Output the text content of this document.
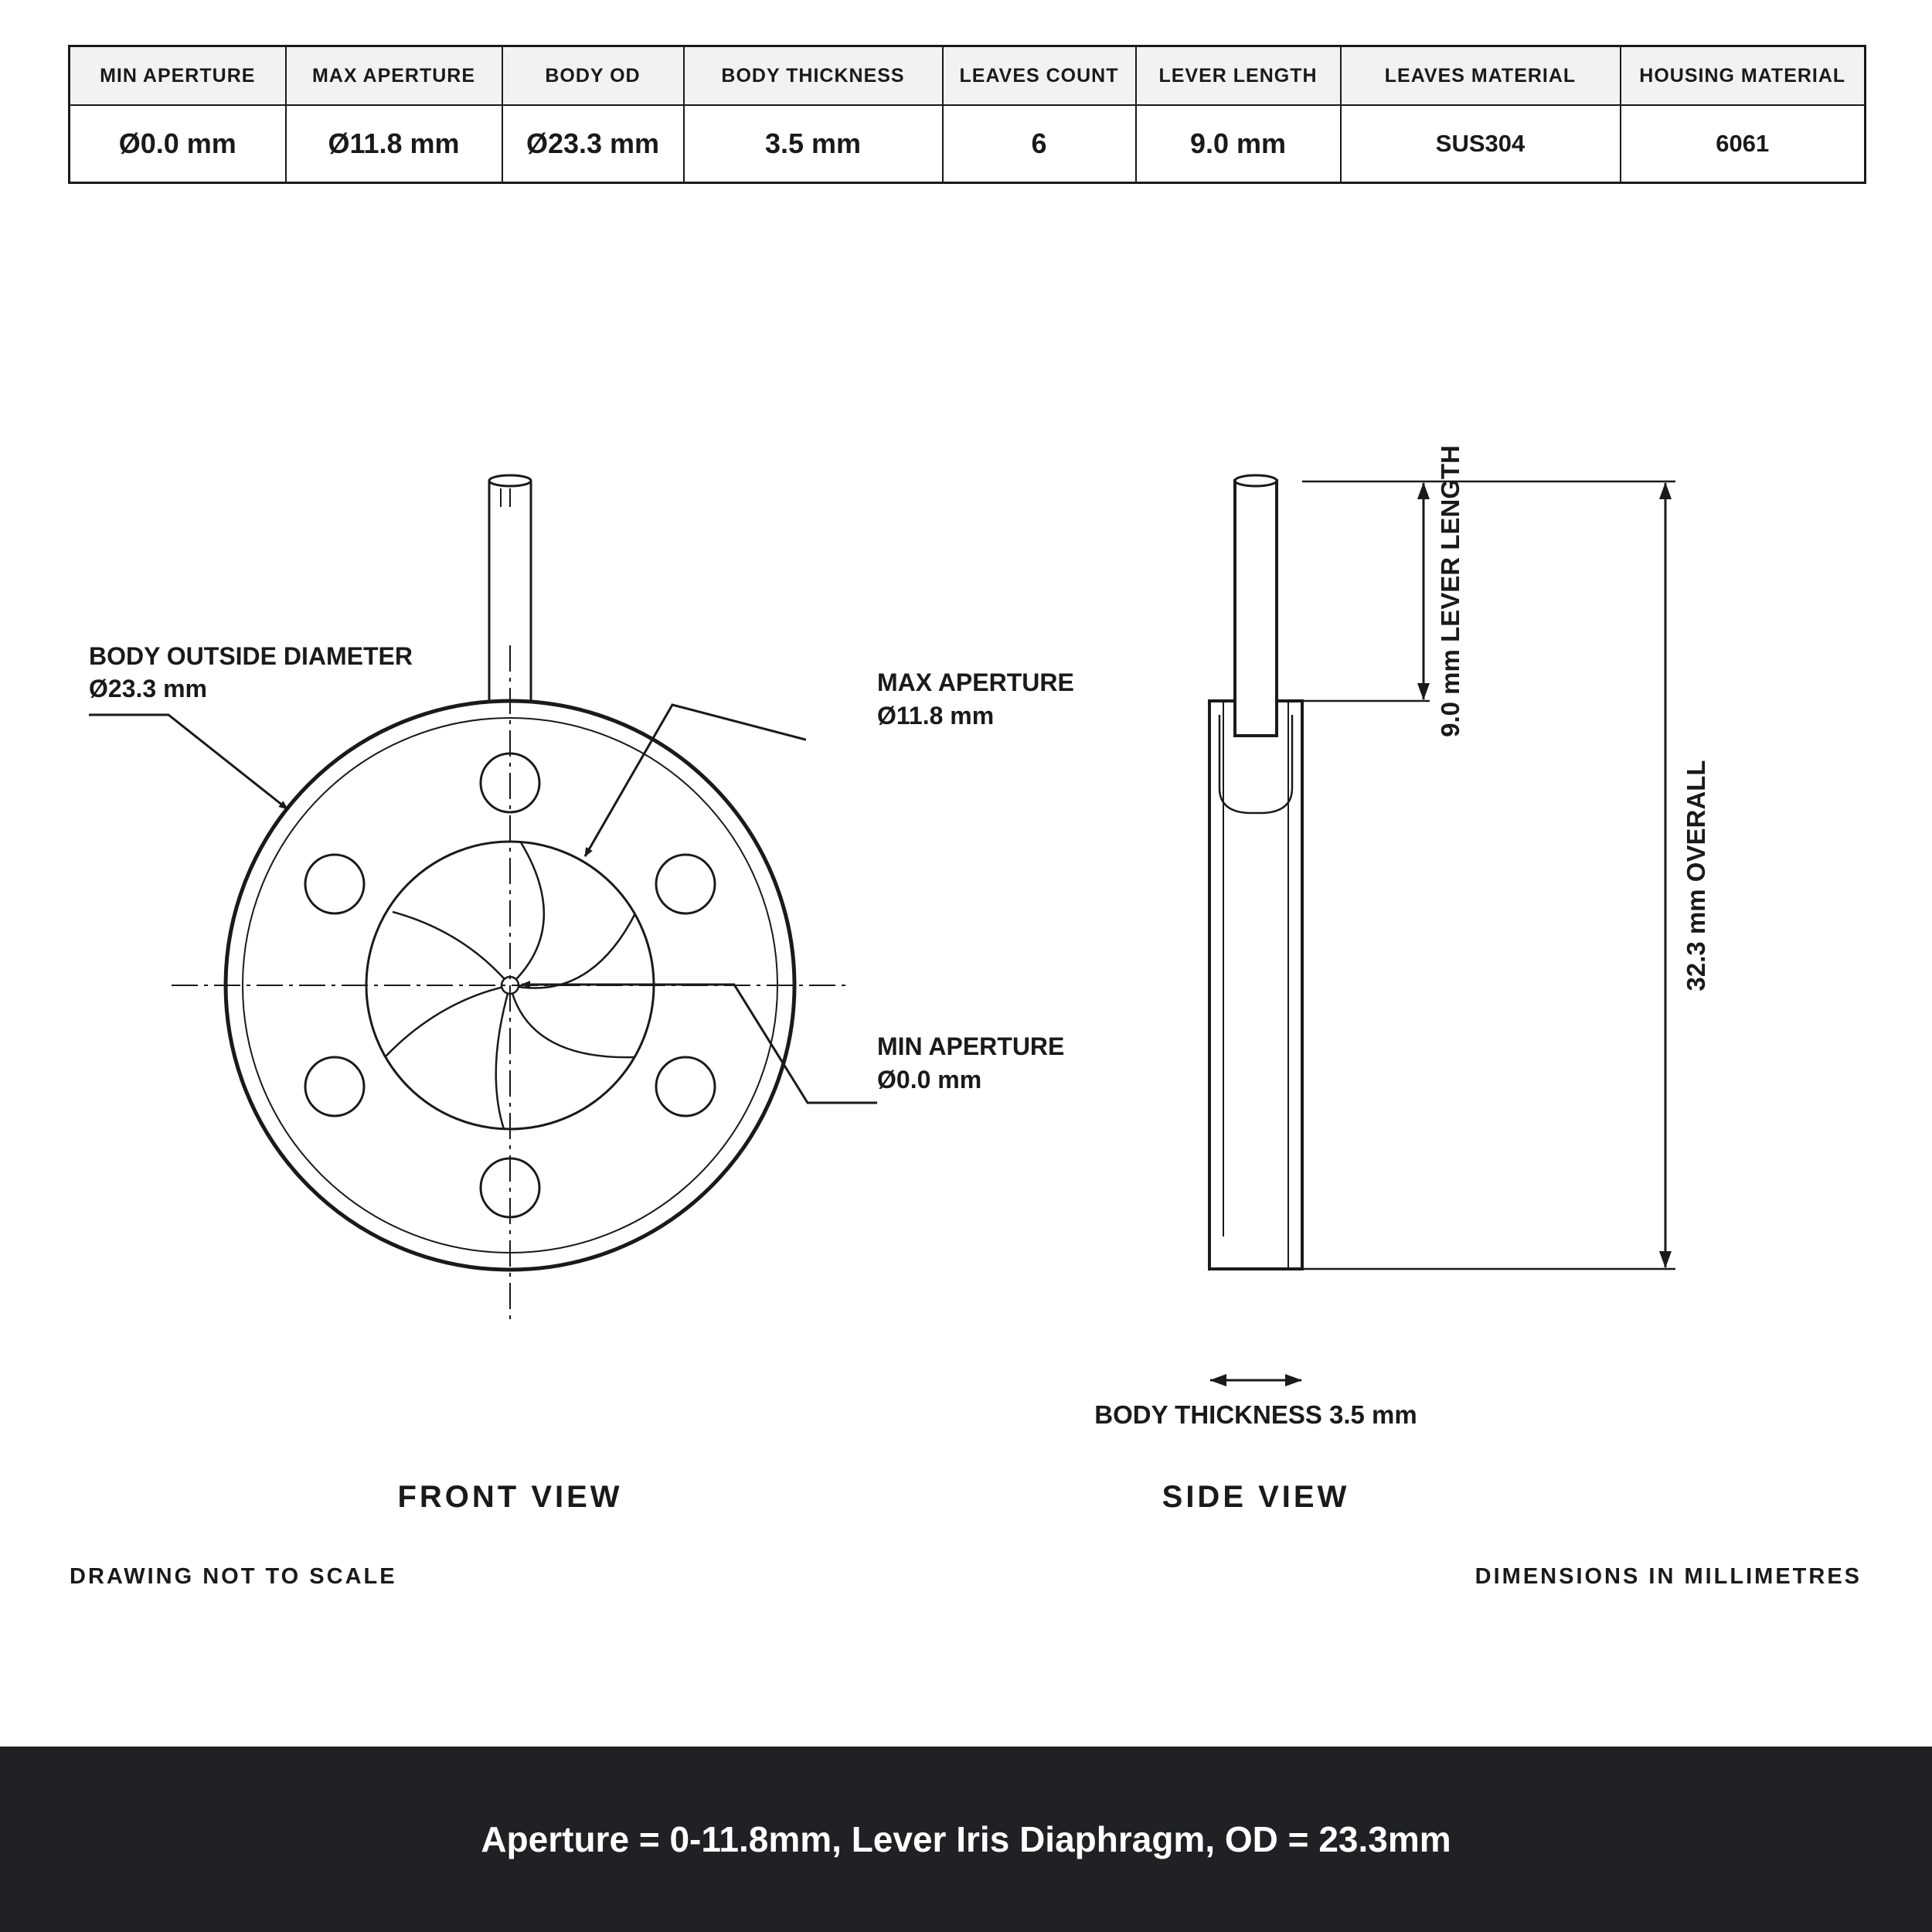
MIN APERTURE	MAX APERTURE	BODY OD	BODY THICKNESS	LEAVES COUNT	LEVER LENGTH	LEAVES MATERIAL	HOUSING MATERIAL
Ø0.0 mm	Ø11.8 mm	Ø23.3 mm	3.5 mm	6	9.0 mm	SUS304	6061
BODY OUTSIDE DIAMETER
Ø23.3 mm	MAX APERTURE
Ø11.8 mm
MIN APERTURE
Ø0.0 mm
FRONT VIEW
9.0 mm LEVER LENGTH
32.3 mm OVERALL
BODY THICKNESS 3.5 mm
SIDE VIEW
DRAWING NOT TO SCALE	DIMENSIONS IN MILLIMETRES
Aperture = 0-11.8mm, Lever Iris Diaphragm, OD = 23.3mm
